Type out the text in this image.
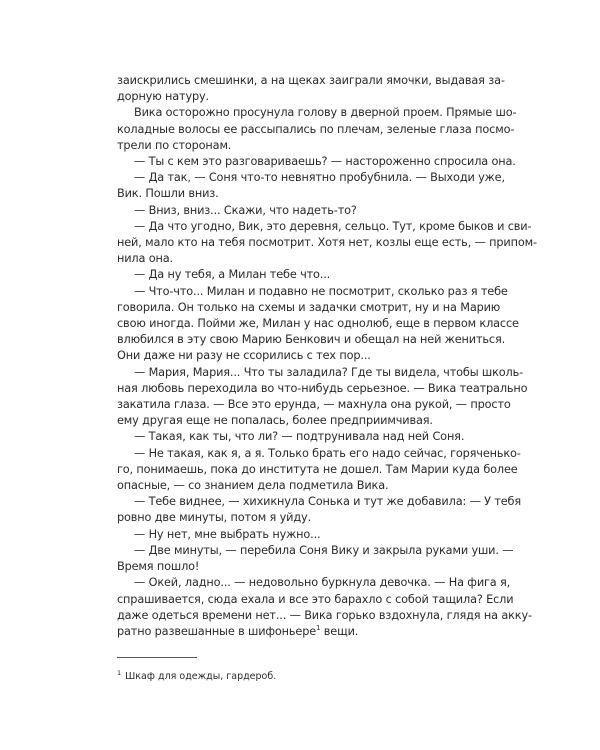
заискрились смешинки, а на щеках заиграли ямочки, выдавая за-
дорную натуру.

Вика осторожно просунула голову в дверной проем. Прямые шо-
коладные волосы ее рассыпались по плечам, зеленые глаза посмо-
трели по сторонам.

— Ты с кем это разговариваешь? — настороженно спросила она.

— Да так, — Соня что-то невнятно пробубнила. — Выходи уже,
Вик. Пошли вниз.

— Вниз, вниз... Скажи, что надеть-то?

— Да что угодно, Вик, это деревня, сельцо. Тут, кроме быков и сви-
ней, мало кто на тебя посмотрит. Хотя нет, козлы еще есть, — припом-
нила она.

— Да ну тебя, а Милан тебе что...

— Что-что... Милан и подавно не посмотрит, сколько раз я тебе
говорила. Он только на схемы и задачки смотрит, ну и на Марию
свою иногда. Пойми же, Милан у нас однолюб, еще в первом классе
влюбился в эту свою Марию Бенкович и обещал на ней жениться.
Они даже ни разу не ссорились с тех пор...

— Мария, Мария... Что ты заладила? Где ты видела, чтобы школь-
ная любовь переходила во что-нибудь серьезное. — Вика театрально
закатила глаза. — Все это ерунда, — махнула она рукой, — просто
ему другая еще не попалась, более предприимчивая.

— Такая, как ты, что ли? — подтрунивала над ней Соня.

— Не такая, как я, а я. Только брать его надо сейчас, горяченько-
го, понимаешь, пока до института не дошел. Там Марии куда более
опасные, — со знанием дела подметила Вика.

— Тебе виднее, — хихикнула Сонька и тут же добавила: — У тебя
ровно две минуты, потом я уйду.

— Ну нет, мне выбрать нужно...

— Две минуты, — перебила Соня Вику и закрыла руками уши. —
Время пошло!

— Окей, ладно... — недовольно буркнула девочка. — На фига я,
спрашивается, сюда ехала и все это барахло с собой тащила? Если
даже одеться времени нет... — Вика горько вздохнула, глядя на акку-
ратно развешанные в шифоньере$^1$ вещи.

$^1$ Шкаф для одежды, гардероб.
